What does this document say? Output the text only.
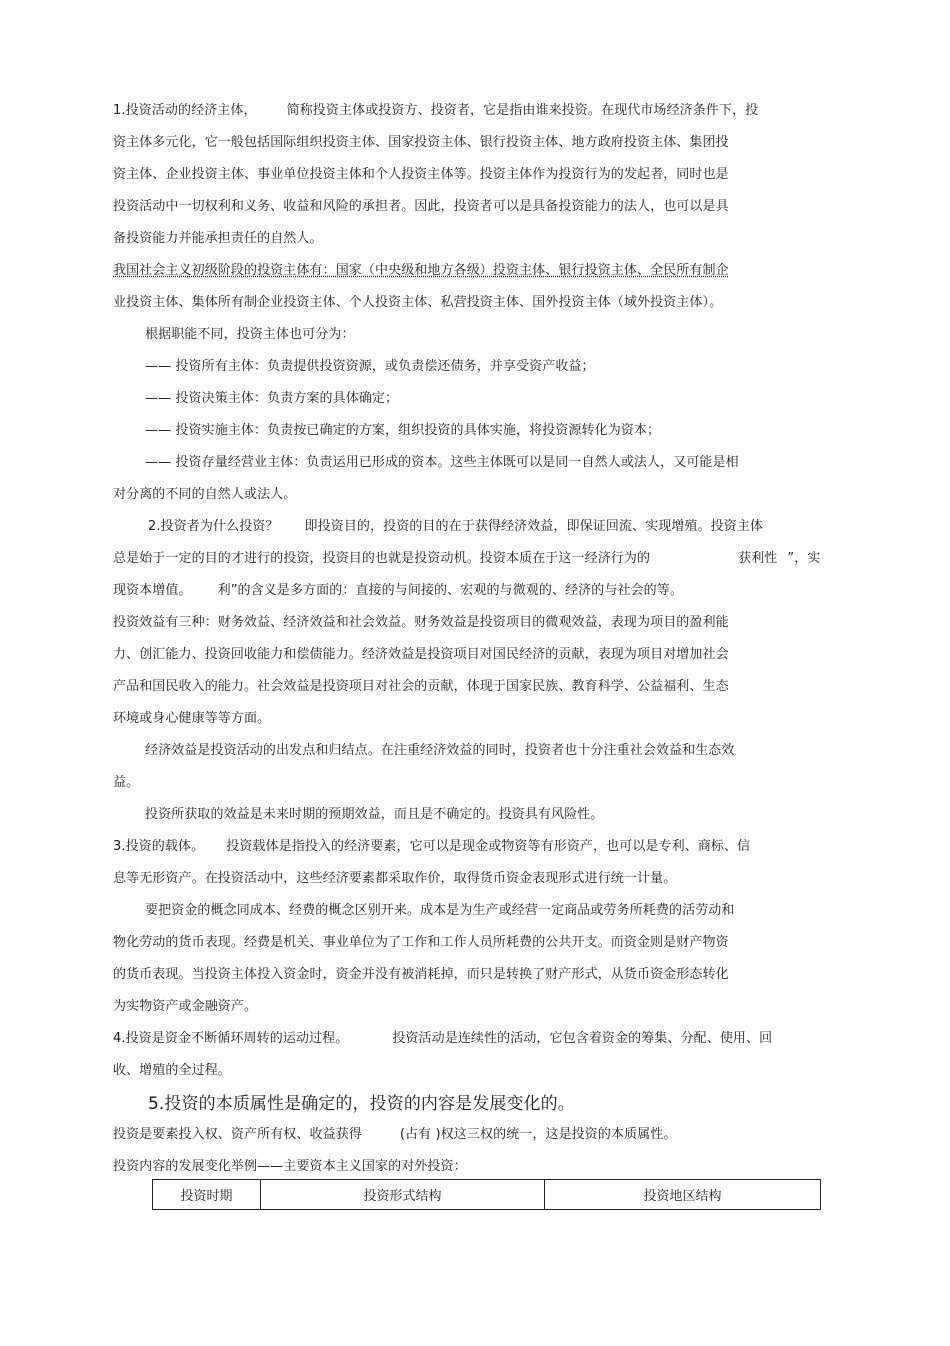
1.投资活动的经济主体， 简称投资主体或投资方、投资者，它是指由谁来投资。在现代市场经济条件下，投
资主体多元化，它一般包括国际组织投资主体、国家投资主体、银行投资主体、地方政府投资主体、集团投
资主体、企业投资主体、事业单位投资主体和个人投资主体等。投资主体作为投资行为的发起者，同时也是
投资活动中一切权利和义务、收益和风险的承担者。因此，投资者可以是具备投资能力的法人，也可以是具
备投资能力并能承担责任的自然人。
我国社会主义初级阶段的投资主体有：国家（中央级和地方各级）投资主体、银行投资主体、全民所有制企
业投资主体、集体所有制企业投资主体、个人投资主体、私营投资主体、国外投资主体（域外投资主体）。
根据职能不同，投资主体也可分为：
—— 投资所有主体：负责提供投资资源，或负责偿还债务，并享受资产收益；
—— 投资决策主体：负责方案的具体确定；
—— 投资实施主体：负责按已确定的方案，组织投资的具体实施，将投资源转化为资本；
—— 投资存量经营业主体：负责运用已形成的资本。这些主体既可以是同一自然人或法人，又可能是相
对分离的不同的自然人或法人。
2.投资者为什么投资？ 即投资目的，投资的目的在于获得经济效益，即保证回流、实现增殖。投资主体
总是始于一定的目的才进行的投资，投资目的也就是投资动机。投资本质在于这一经济行为的	获利性 ”，实
现资本增值。 利”的含义是多方面的：直接的与间接的、宏观的与微观的、经济的与社会的等。
投资效益有三种：财务效益、经济效益和社会效益。财务效益是投资项目的微观效益，表现为项目的盈利能
力、创汇能力、投资回收能力和偿债能力。经济效益是投资项目对国民经济的贡献，表现为项目对增加社会
产品和国民收入的能力。社会效益是投资项目对社会的贡献，体现于国家民族、教育科学、公益福利、生态
环境或身心健康等等方面。
经济效益是投资活动的出发点和归结点。在注重经济效益的同时，投资者也十分注重社会效益和生态效
益。
投资所获取的效益是未来时期的预期效益，而且是不确定的。投资具有风险性。
3.投资的载体。 投资载体是指投入的经济要素，它可以是现金或物资等有形资产，也可以是专利、商标、信
息等无形资产。在投资活动中，这些经济要素都采取作价，取得货币资金表现形式进行统一计量。
要把资金的概念同成本、经费的概念区别开来。成本是为生产或经营一定商品或劳务所耗费的活劳动和
物化劳动的货币表现。经费是机关、事业单位为了工作和工作人员所耗费的公共开支。而资金则是财产物资
的货币表现。当投资主体投入资金时，资金并没有被消耗掉，而只是转换了财产形式，从货币资金形态转化
为实物资产或金融资产。
4.投资是资金不断循环周转的运动过程。	投资活动是连续性的活动，它包含着资金的筹集、分配、使用、回
收、增殖的全过程。
5.投资的本质属性是确定的，投资的内容是发展变化的。
投资是要素投入权、资产所有权、收益获得	(占有 )权这三权的统一，这是投资的本质属性。
投资内容的发展变化举例——主要资本主义国家的对外投资：
投资时期	投资形式结构	投资地区结构
